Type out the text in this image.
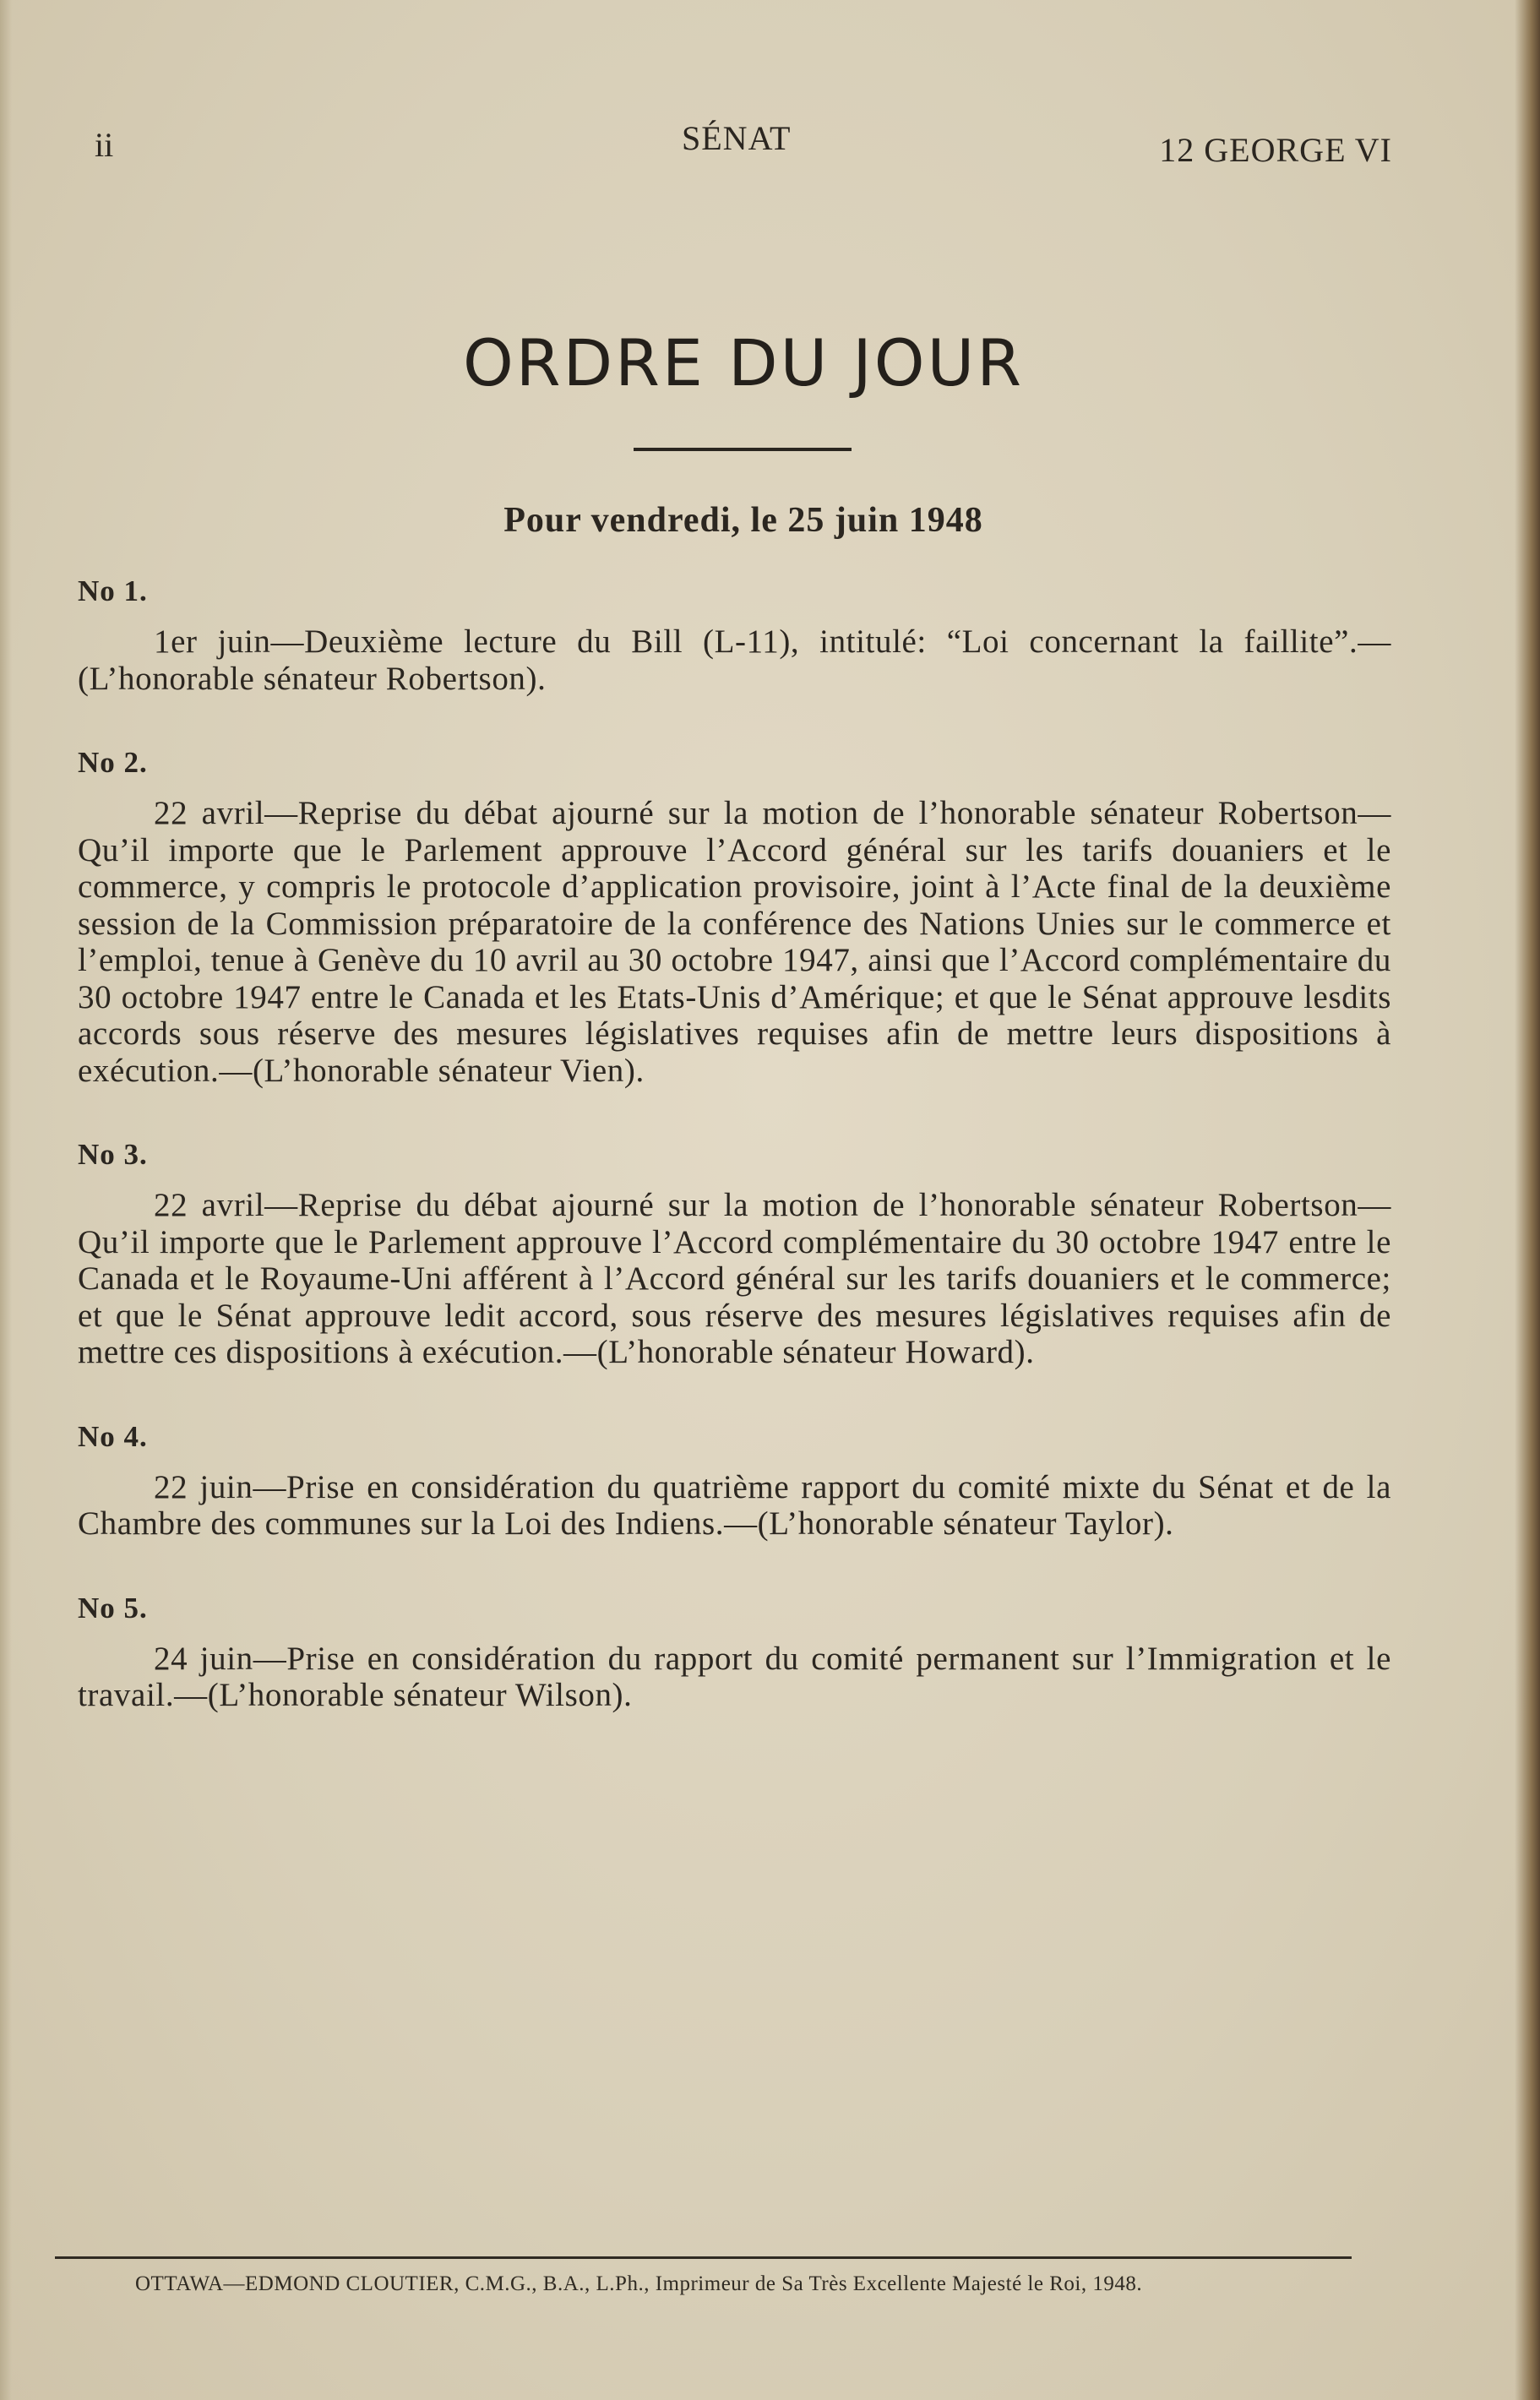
ii	SÉNAT	12 GEORGE VI
ORDRE DU JOUR
Pour vendredi, le 25 juin 1948
No 1.
1er juin—Deuxième lecture du Bill (L-11), intitulé: “Loi concernant la faillite”.—(L’honorable sénateur Robertson).
No 2.
22 avril—Reprise du débat ajourné sur la motion de l’honorable sénateur Robertson—Qu’il importe que le Parlement approuve l’Accord général sur les tarifs douaniers et le commerce, y compris le protocole d’application provisoire, joint à l’Acte final de la deuxième session de la Commission préparatoire de la conférence des Nations Unies sur le commerce et l’emploi, tenue à Genève du 10 avril au 30 octobre 1947, ainsi que l’Accord complémentaire du 30 octobre 1947 entre le Canada et les Etats-Unis d’Amérique; et que le Sénat approuve lesdits accords sous réserve des mesures législatives requises afin de mettre leurs dispositions à exécution.—(L’honorable sénateur Vien).
No 3.
22 avril—Reprise du débat ajourné sur la motion de l’honorable sénateur Robertson—Qu’il importe que le Parlement approuve l’Accord complémentaire du 30 octobre 1947 entre le Canada et le Royaume-Uni afférent à l’Accord général sur les tarifs douaniers et le commerce; et que le Sénat approuve ledit accord, sous réserve des mesures législatives requises afin de mettre ces dispositions à exécution.—(L’honorable sénateur Howard).
No 4.
22 juin—Prise en considération du quatrième rapport du comité mixte du Sénat et de la Chambre des communes sur la Loi des Indiens.—(L’honorable sénateur Taylor).
No 5.
24 juin—Prise en considération du rapport du comité permanent sur l’Immigration et le travail.—(L’honorable sénateur Wilson).
OTTAWA—EDMOND CLOUTIER, C.M.G., B.A., L.Ph., Imprimeur de Sa Très Excellente Majesté le Roi, 1948.
